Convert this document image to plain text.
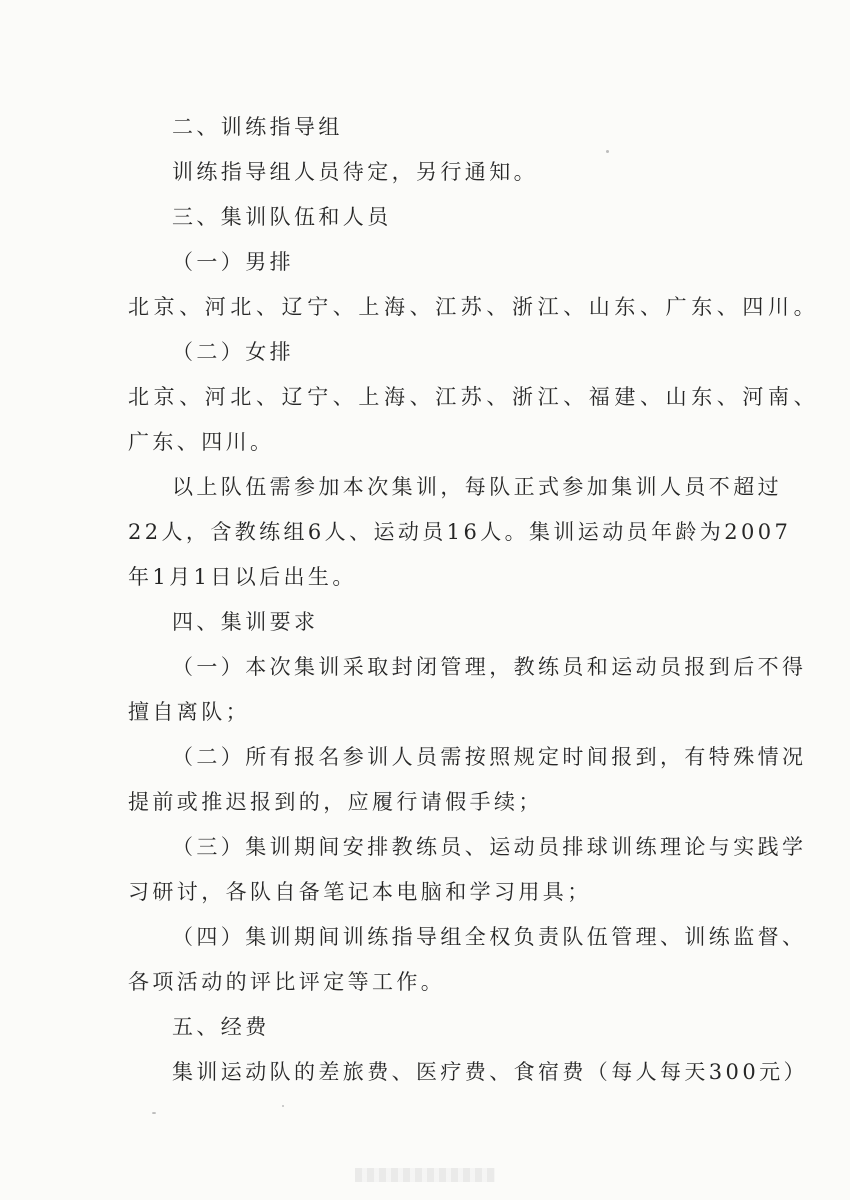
二、训练指导组
训练指导组人员待定，另行通知。
三、集训队伍和人员
（一）男排
北京、河北、辽宁、上海、江苏、浙江、山东、广东、四川。
（二）女排
北京、河北、辽宁、上海、江苏、浙江、福建、山东、河南、
广东、四川。
以上队伍需参加本次集训，每队正式参加集训人员不超过
22人，含教练组6人、运动员16人。集训运动员年龄为2007
年1月1日以后出生。
四、集训要求
（一）本次集训采取封闭管理，教练员和运动员报到后不得
擅自离队；
（二）所有报名参训人员需按照规定时间报到，有特殊情况
提前或推迟报到的，应履行请假手续；
（三）集训期间安排教练员、运动员排球训练理论与实践学
习研讨，各队自备笔记本电脑和学习用具；
（四）集训期间训练指导组全权负责队伍管理、训练监督、
各项活动的评比评定等工作。
五、经费
集训运动队的差旅费、医疗费、食宿费（每人每天300元）
